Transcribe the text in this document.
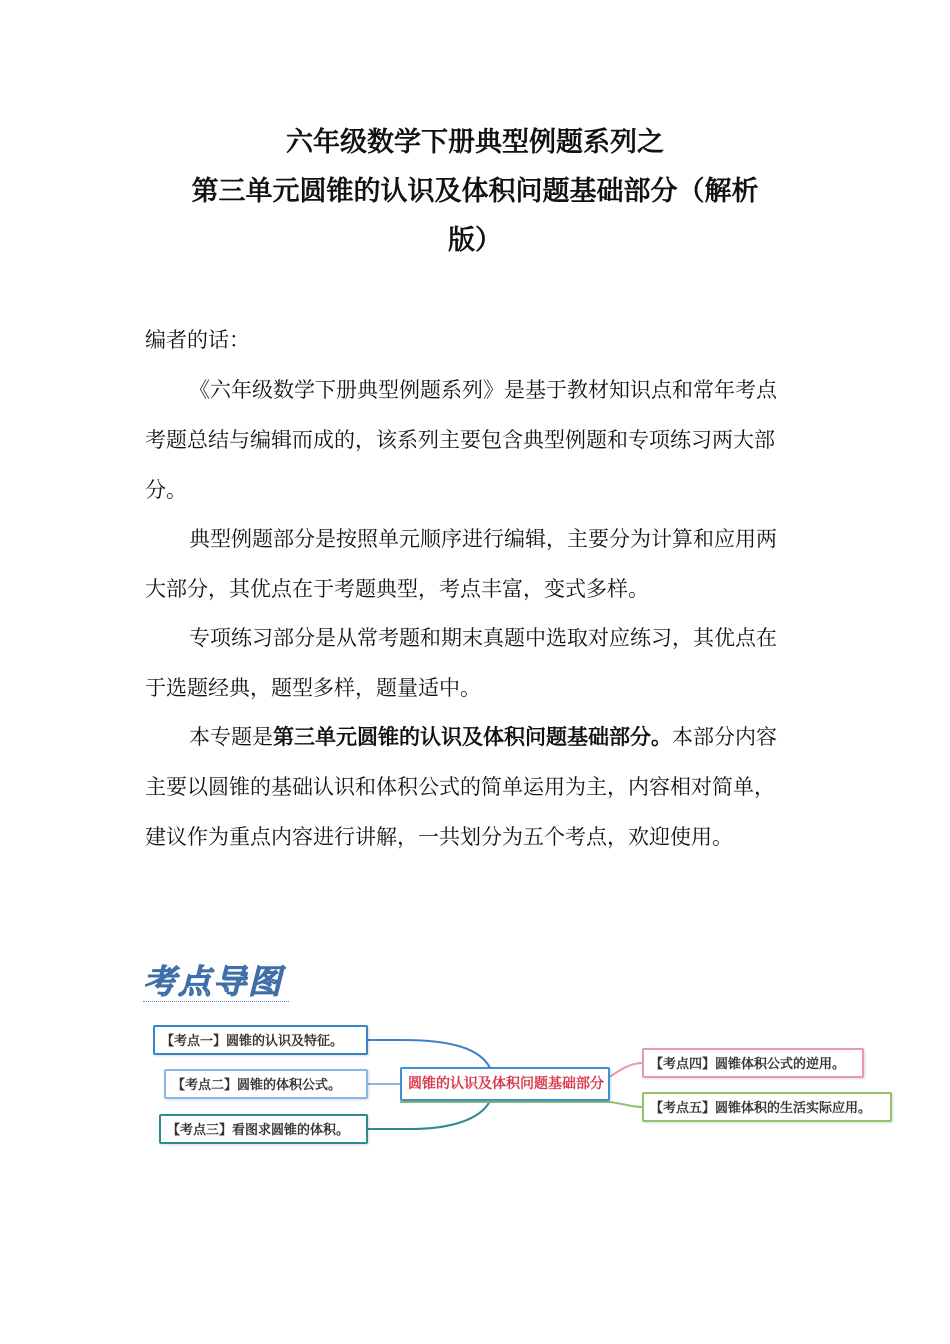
六年级数学下册典型例题系列之
第三单元圆锥的认识及体积问题基础部分（解析
版）
编者的话：
《六年级数学下册典型例题系列》是基于教材知识点和常年考点考题总结与编辑而成的，该系列主要包含典型例题和专项练习两大部分。
典型例题部分是按照单元顺序进行编辑，主要分为计算和应用两大部分，其优点在于考题典型，考点丰富，变式多样。
专项练习部分是从常考题和期末真题中选取对应练习，其优点在于选题经典，题型多样，题量适中。
本专题是第三单元圆锥的认识及体积问题基础部分。本部分内容主要以圆锥的基础认识和体积公式的简单运用为主，内容相对简单，建议作为重点内容进行讲解，一共划分为五个考点，欢迎使用。
考点导图
【考点一】圆锥的认识及特征。
【考点二】圆锥的体积公式。
【考点三】看图求圆锥的体积。
圆锥的认识及体积问题基础部分
【考点四】圆锥体积公式的逆用。
【考点五】圆锥体积的生活实际应用。
